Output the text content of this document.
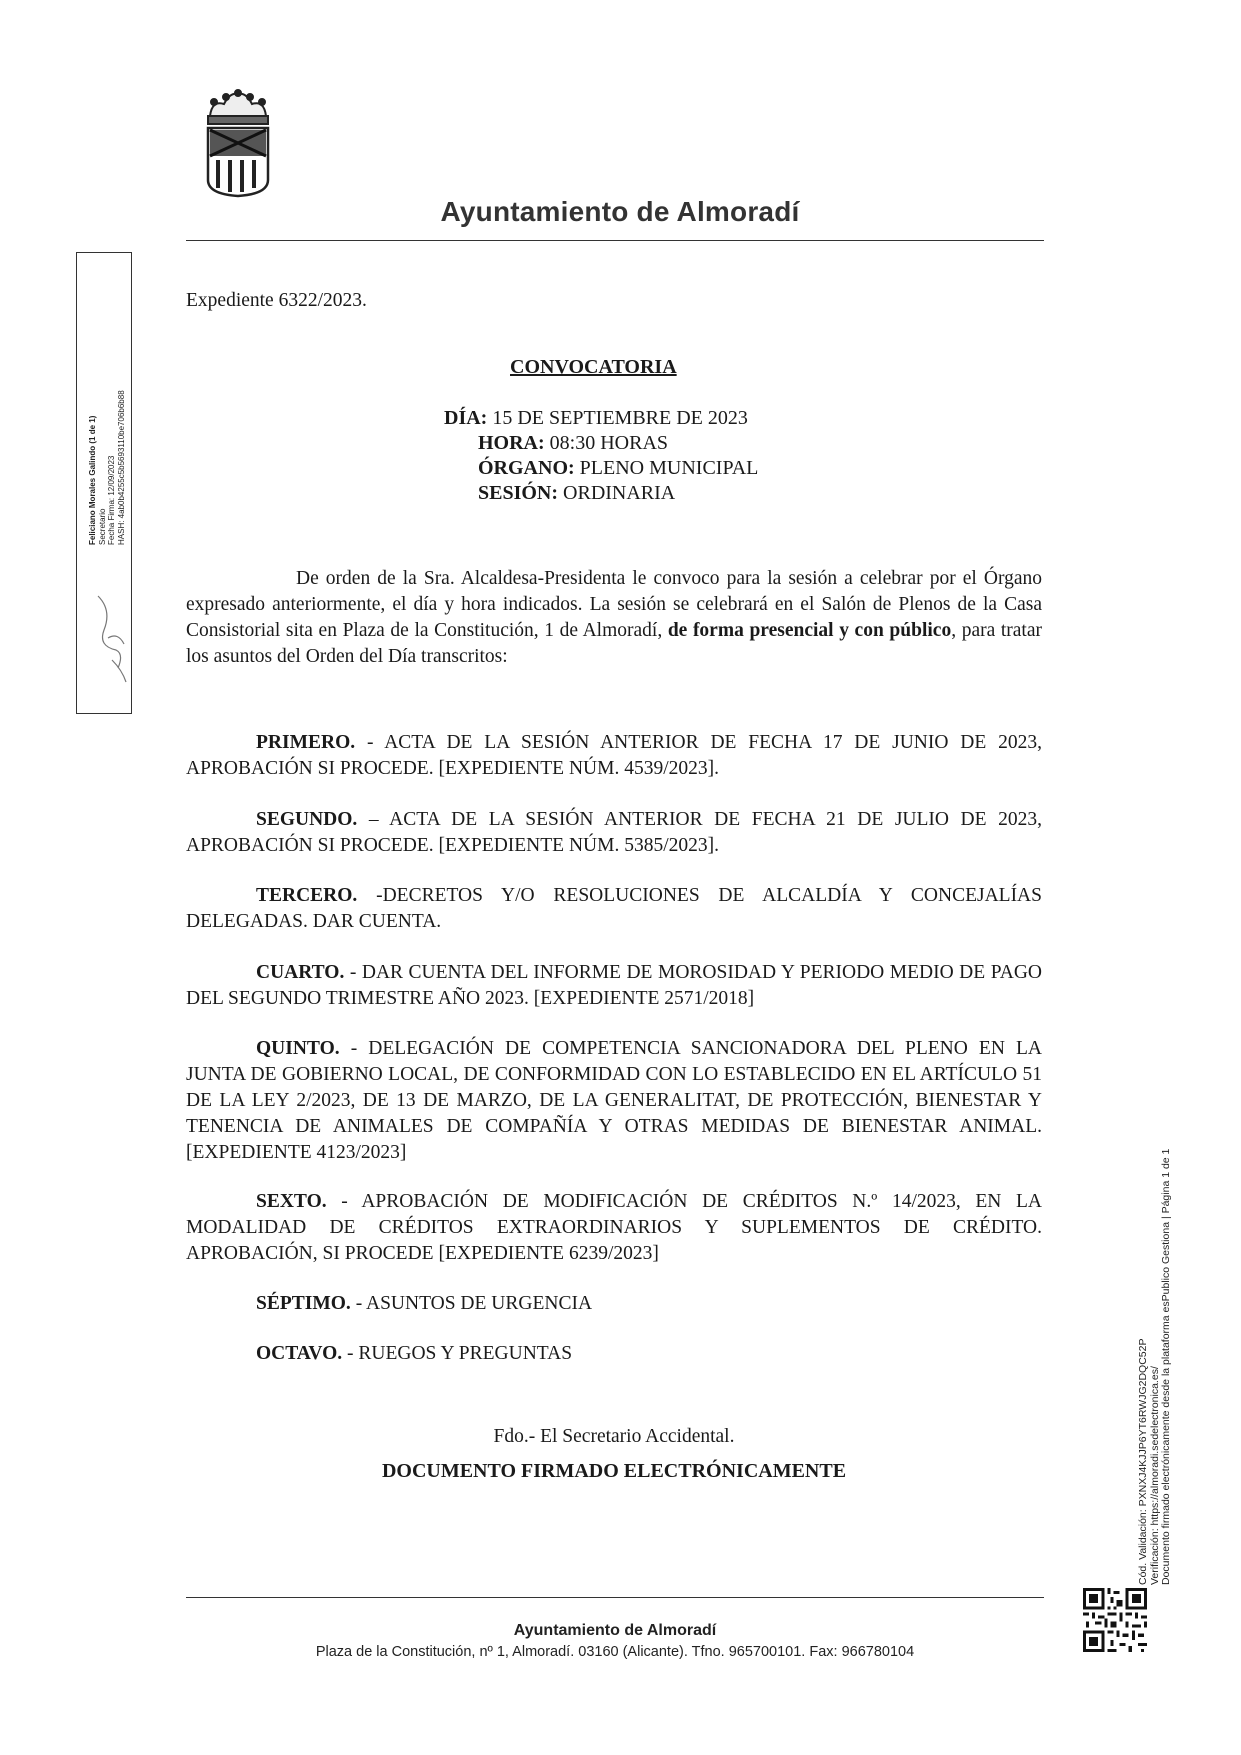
Ayuntamiento de Almoradí
Feliciano Morales Galindo (1 de 1) Secretario Fecha Firma: 12/09/2023 HASH: 4ab0b4255c5b5693110be706b6b88
Expediente 6322/2023.
CONVOCATORIA
DÍA: 15 DE SEPTIEMBRE DE 2023
HORA: 08:30 HORAS
ÓRGANO: PLENO MUNICIPAL
SESIÓN: ORDINARIA
De orden de la Sra. Alcaldesa-Presidenta le convoco para la sesión a celebrar por el Órgano expresado anteriormente, el día y hora indicados. La sesión se celebrará en el Salón de Plenos de la Casa Consistorial sita en Plaza de la Constitución, 1 de Almoradí, de forma presencial y con público, para tratar los asuntos del Orden del Día transcritos:
PRIMERO. - ACTA DE LA SESIÓN ANTERIOR DE FECHA 17 DE JUNIO DE 2023, APROBACIÓN SI PROCEDE. [EXPEDIENTE NÚM. 4539/2023].
SEGUNDO. – ACTA DE LA SESIÓN ANTERIOR DE FECHA 21 DE JULIO DE 2023, APROBACIÓN SI PROCEDE. [EXPEDIENTE NÚM. 5385/2023].
TERCERO. -DECRETOS Y/O RESOLUCIONES DE ALCALDÍA Y CONCEJALÍAS DELEGADAS. DAR CUENTA.
CUARTO. - DAR CUENTA DEL INFORME DE MOROSIDAD Y PERIODO MEDIO DE PAGO DEL SEGUNDO TRIMESTRE AÑO 2023. [EXPEDIENTE 2571/2018]
QUINTO. - DELEGACIÓN DE COMPETENCIA SANCIONADORA DEL PLENO EN LA JUNTA DE GOBIERNO LOCAL, DE CONFORMIDAD CON LO ESTABLECIDO EN EL ARTÍCULO 51 DE LA LEY 2/2023, DE 13 DE MARZO, DE LA GENERALITAT, DE PROTECCIÓN, BIENESTAR Y TENENCIA DE ANIMALES DE COMPAÑÍA Y OTRAS MEDIDAS DE BIENESTAR ANIMAL. [EXPEDIENTE 4123/2023]
SEXTO. - APROBACIÓN DE MODIFICACIÓN DE CRÉDITOS N.º 14/2023, EN LA MODALIDAD DE CRÉDITOS EXTRAORDINARIOS Y SUPLEMENTOS DE CRÉDITO. APROBACIÓN, SI PROCEDE [EXPEDIENTE 6239/2023]
SÉPTIMO. - ASUNTOS DE URGENCIA
OCTAVO. - RUEGOS Y PREGUNTAS
Fdo.- El Secretario Accidental.
DOCUMENTO FIRMADO ELECTRÓNICAMENTE	Cód. Validación: PXNXJ4KJJP6YT6RWJG2DQC52P Verificación: https://almoradi.sedelectronica.es/ Documento firmado electrónicamente desde la plataforma esPublico Gestiona | Página 1 de 1
Ayuntamiento de Almoradí
Plaza de la Constitución, nº 1, Almoradí. 03160 (Alicante). Tfno. 965700101. Fax: 966780104
